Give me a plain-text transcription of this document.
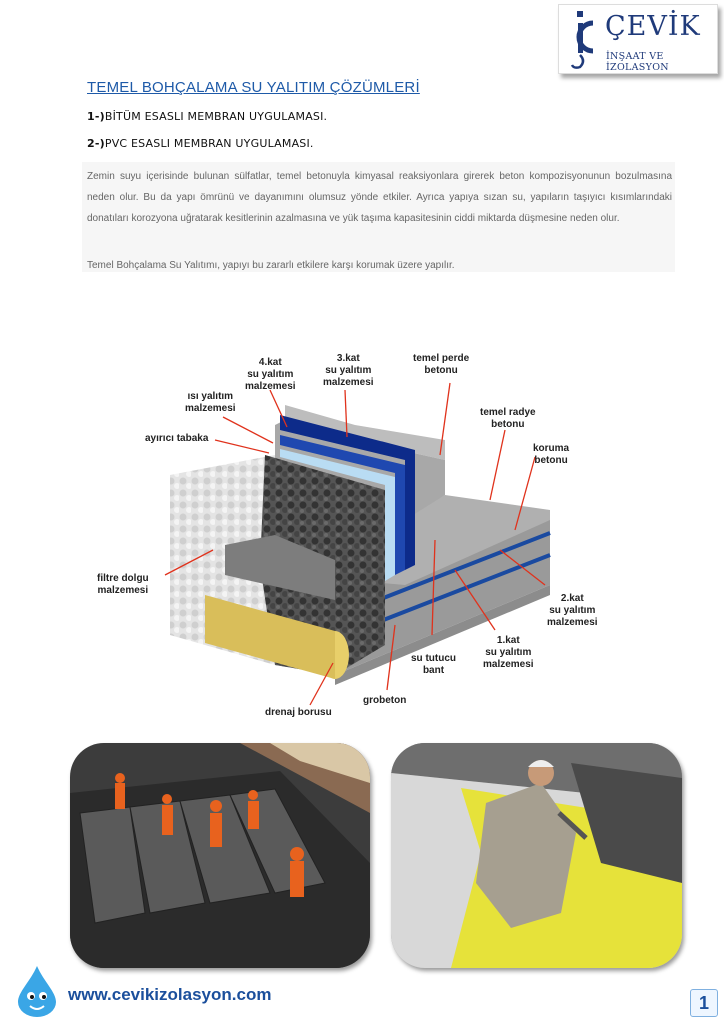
ÇEVİK
İNŞAAT VE İZOLASYON
TEMEL BOHÇALAMA SU YALITIM ÇÖZÜMLERİ
1-)BİTÜM ESASLI MEMBRAN UYGULAMASI.
2-)PVC ESASLI MEMBRAN UYGULAMASI.
Zemin suyu içerisinde bulunan sülfatlar, temel betonuyla kimyasal reaksiyonlara girerek beton kompozisyonunun bozulmasına neden olur. Bu da yapı ömrünü ve dayanımını olumsuz yönde etkiler. Ayrıca yapıya sızan su, yapıların taşıyıcı kısımlarındaki donatıları korozyona uğratarak kesitlerinin azalmasına ve yük taşıma kapasitesinin ciddi miktarda düşmesine neden olur.
Temel Bohçalama Su Yalıtımı, yapıyı bu zararlı etkilere karşı korumak üzere yapılır.
4.kat
su yalıtım
malzemesi
3.kat
su yalıtım
malzemesi
temel perde
betonu
ısı yalıtım
malzemesi
ayırıcı tabaka
temel radye
betonu
koruma
betonu
filtre dolgu
malzemesi
2.kat
su yalıtım
malzemesi
1.kat
su yalıtım
malzemesi
su tutucu
bant
grobeton
drenaj borusu
www.cevikizolasyon.com	1
